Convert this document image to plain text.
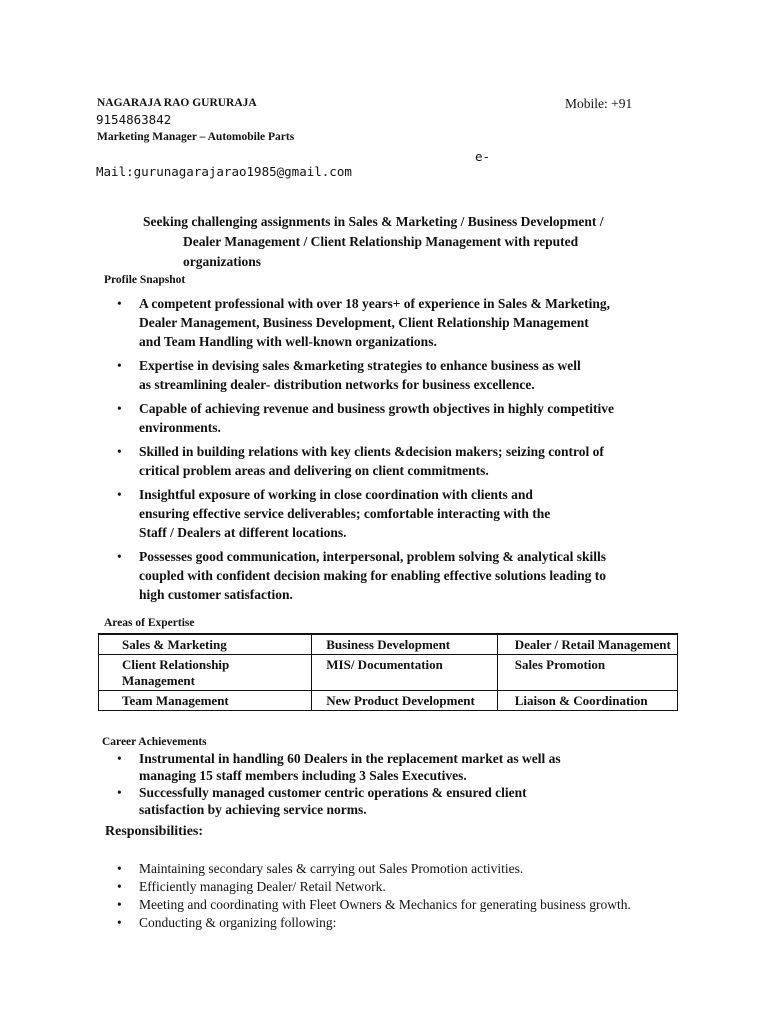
NAGARAJA RAO GURURAJA	Mobile: +91
9154863842
Marketing Manager – Automobile Parts
e-
Mail:gurunagarajarao1985@gmail.com
Seeking challenging assignments in Sales & Marketing / Business Development /
Dealer Management / Client Relationship Management with reputed
organizations
Profile Snapshot
• A competent professional with over 18 years+ of experience in Sales & Marketing,
Dealer Management, Business Development, Client Relationship Management
and Team Handling with well-known organizations.
• Expertise in devising sales &marketing strategies to enhance business as well
as streamlining dealer- distribution networks for business excellence.
• Capable of achieving revenue and business growth objectives in highly competitive
environments.
• Skilled in building relations with key clients &decision makers; seizing control of
critical problem areas and delivering on client commitments.
• Insightful exposure of working in close coordination with clients and
ensuring effective service deliverables; comfortable interacting with the
Staff / Dealers at different locations.
• Possesses good communication, interpersonal, problem solving & analytical skills
coupled with confident decision making for enabling effective solutions leading to
high customer satisfaction.
Areas of Expertise
Sales & Marketing	Business Development	Dealer / Retail Management
Client Relationship Management	MIS/ Documentation	Sales Promotion
Team Management	New Product Development	Liaison & Coordination
Career Achievements
• Instrumental in handling 60 Dealers in the replacement market as well as
managing 15 staff members including 3 Sales Executives.
• Successfully managed customer centric operations & ensured client
satisfaction by achieving service norms.
Responsibilities:
• Maintaining secondary sales & carrying out Sales Promotion activities.
• Efficiently managing Dealer/ Retail Network.
• Meeting and coordinating with Fleet Owners & Mechanics for generating business growth.
• Conducting & organizing following:
